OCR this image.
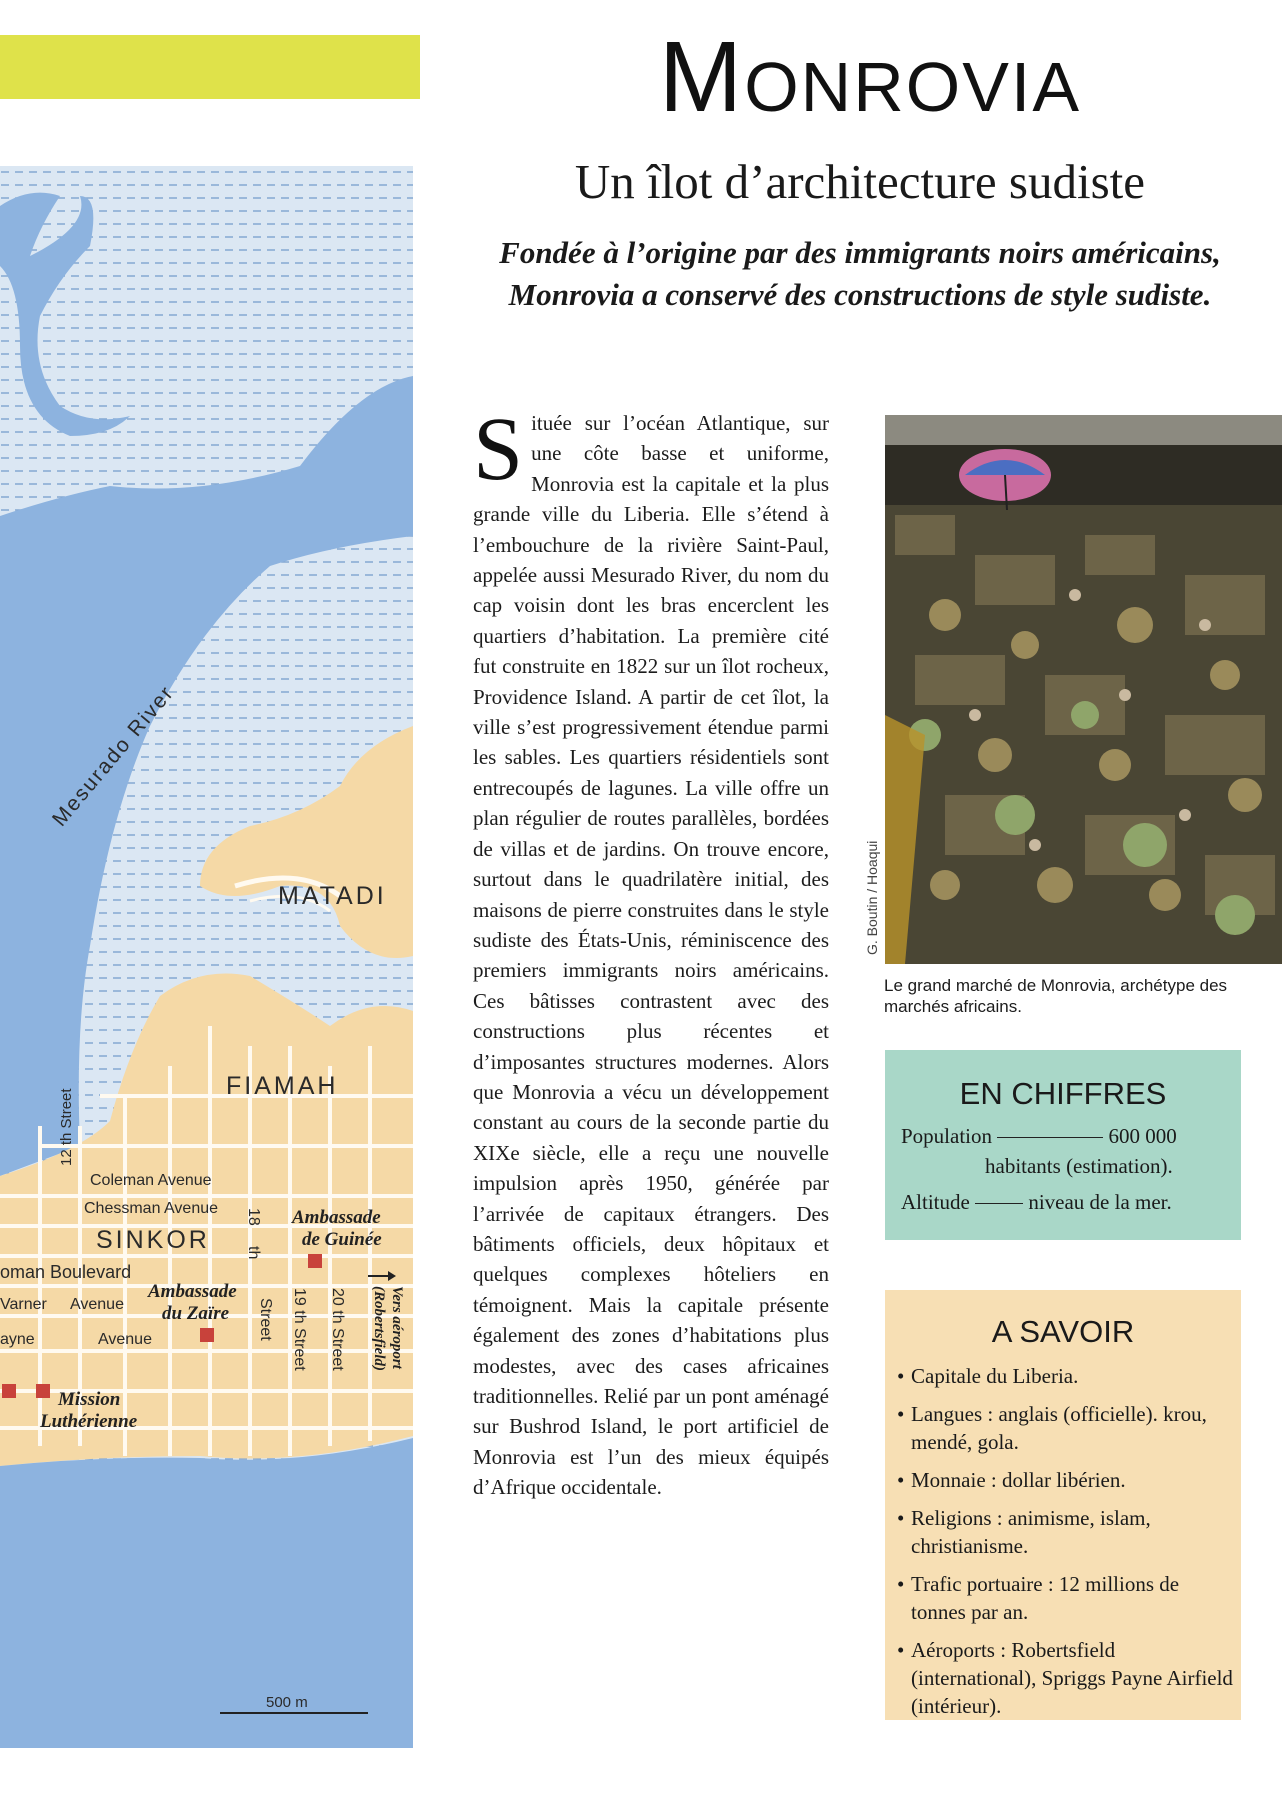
Mesurado River
MATADI
FIAMAH
SINKOR
12 th Street
Coleman Avenue
Chessman Avenue
oman Boulevard
Varner Avenue
ayne	Avenue
18
th
Street 19 th Street 20 th Street
Ambassade
de Guinée
Ambassade
du Zaïre
Mission
Luthérienne
Vers aéroport
(Robertsfield)
500 m
Monrovia
Un îlot d’architecture sudiste
Fondée à l’origine par des immigrants noirs américains, Monrovia a conservé des constructions de style sudiste.
Située sur l’océan Atlantique, sur une côte basse et uniforme, Monrovia est la capitale et la plus grande ville du Liberia. Elle s’étend à l’embouchure de la rivière Saint-Paul, appelée aussi Mesurado River, du nom du cap voisin dont les bras encerclent les quartiers d’habitation. La première cité fut construite en 1822 sur un îlot rocheux, Providence Island. A partir de cet îlot, la ville s’est progressivement étendue parmi les sables. Les quartiers résidentiels sont entrecoupés de lagunes. La ville offre un plan régulier de routes parallèles, bordées de villas et de jardins. On trouve encore, surtout dans le quadrilatère initial, des maisons de pierre construites dans le style sudiste des États-Unis, réminiscence des premiers immigrants noirs américains. Ces bâtisses contrastent avec des constructions plus récentes et d’imposantes structures modernes. Alors que Monrovia a vécu un développement constant au cours de la seconde partie du XIXe siècle, elle a reçu une nouvelle impulsion après 1950, générée par l’arrivée de capitaux étrangers. Des bâtiments officiels, deux hôpitaux et quelques complexes hôteliers en témoignent. Mais la capitale présente également des zones d’habitations plus modestes, avec des cases africaines traditionnelles. Relié par un pont aménagé sur Bushrod Island, le port artificiel de Monrovia est l’un des mieux équipés d’Afrique occidentale.
G. Boutin / Hoaqui
Le grand marché de Monrovia, archétype des marchés africains.
EN CHIFFRES
Population	600 000
habitants (estimation).
Altitude	niveau de la mer.
A SAVOIR
• Capitale du Liberia.
• Langues : anglais (officielle). krou, mendé, gola.
• Monnaie : dollar libérien.
• Religions : animisme, islam, christianisme.
• Trafic portuaire : 12 millions de tonnes par an.
• Aéroports : Robertsfield (international), Spriggs Payne Airfield (intérieur).
